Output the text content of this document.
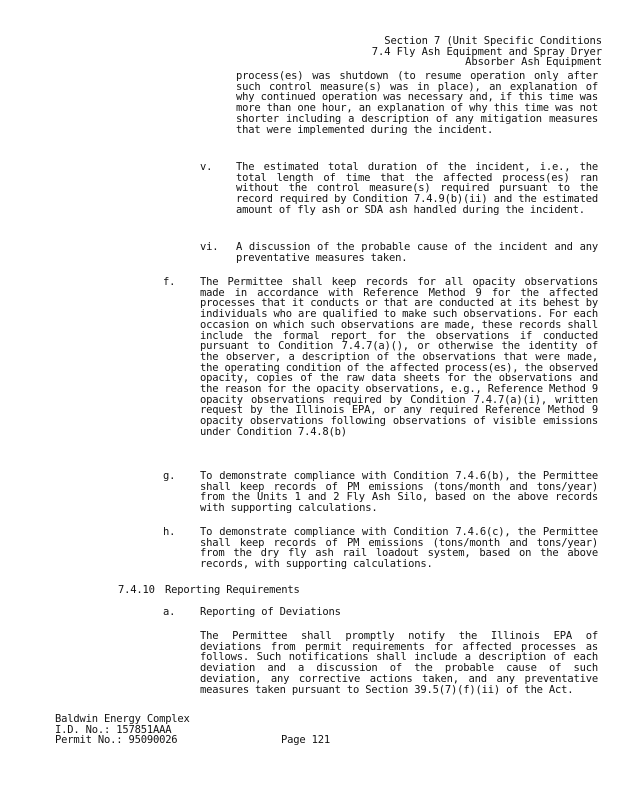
Section 7 (Unit Specific Conditions
7.4 Fly Ash Equipment and Spray Dryer
Absorber Ash Equipment

process(es) was shutdown (to resume operation only after such control measure(s) was in place), an explanation of why continued operation was necessary and, if this time was more than one hour, an explanation of why this time was not shorter including a description of any mitigation measures that were implemented during the incident.

v. The estimated total duration of the incident, i.e., the total length of time that the affected process(es) ran without the control measure(s) required pursuant to the record required by Condition 7.4.9(b)(ii) and the estimated amount of fly ash or SDA ash handled during the incident.

vi. A discussion of the probable cause of the incident and any preventative measures taken.

f. The Permittee shall keep records for all opacity observations made in accordance with Reference Method 9 for the affected processes that it conducts or that are conducted at its behest by individuals who are qualified to make such observations. For each occasion on which such observations are made, these records shall include the formal report for the observations if conducted pursuant to Condition 7.4.7(a)(), or otherwise the identity of the observer, a description of the observations that were made, the operating condition of the affected process(es), the observed opacity, copies of the raw data sheets for the observations and the reason for the opacity observations, e.g., Reference Method 9 opacity observations required by Condition 7.4.7(a)(i), written request by the Illinois EPA, or any required Reference Method 9 opacity observations following observations of visible emissions under Condition 7.4.8(b)

g. To demonstrate compliance with Condition 7.4.6(b), the Permittee shall keep records of PM emissions (tons/month and tons/year) from the Units 1 and 2 Fly Ash Silo, based on the above records with supporting calculations.

h. To demonstrate compliance with Condition 7.4.6(c), the Permittee shall keep records of PM emissions (tons/month and tons/year) from the dry fly ash rail loadout system, based on the above records, with supporting calculations.

7.4.10 Reporting Requirements
a. Reporting of Deviations

The Permittee shall promptly notify the Illinois EPA of deviations from permit requirements for affected processes as follows. Such notifications shall include a description of each deviation and a discussion of the probable cause of such deviation, any corrective actions taken, and any preventative measures taken pursuant to Section 39.5(7)(f)(ii) of the Act.

Baldwin Energy Complex
I.D. No.: 157851AAA
Permit No.: 95090026	Page 121
